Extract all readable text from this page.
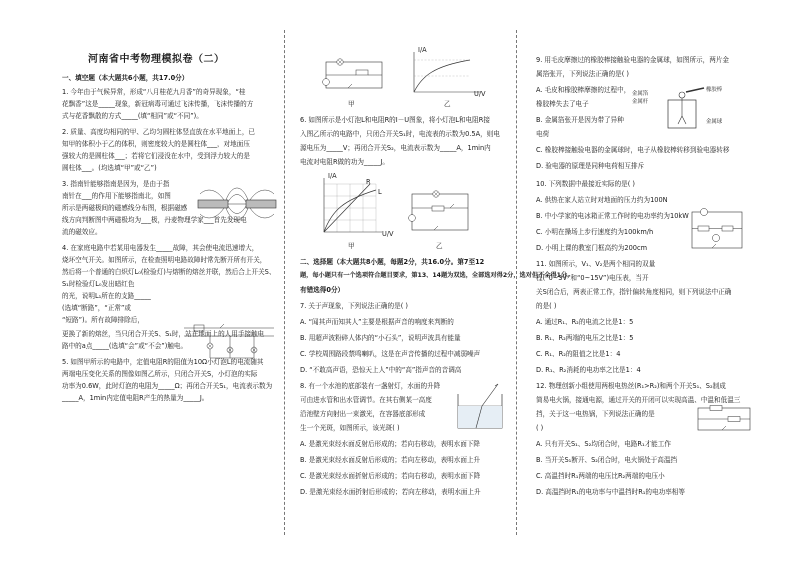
河南省中考物理模拟卷（二）
一、填空题（本大题共6小题，共17.0分）
1. 今年由于气候异常，形成“八月桂花九月香”的奇异现象，“桂
花飘香”这是_____现象，新冠病毒可通过飞沫传播，飞沫传播的方
式与花香飘散的方式_____(填“相同”或“不同”)。
2. 质量、高度均相同的甲、乙均匀圆柱体竖直放在水平地面上，已
知甲的体积小于乙的体积，则密度较大的是圆柱体___，对地面压
强较大的是圆柱体___；若将它们浸没在水中，受到浮力较大的是
圆柱体___。(均选填“甲”或“乙”)
3. 指南针能够指南是因为，是由于指
南针在___的作用下能够指南北，如图
所示是两磁极间的磁感线分布图，根据磁感
线方向判断图中两磁极均为___极，丹麦物理学家___首先发现电
流的磁效应。
4. 在家庭电路中若某用电器发生_____故障，其会使电流迅速增大，
烧坏空气开关。如图所示，在检查照明电路故障时常先断开所有开关，
然后将一个普通的白炽灯L₀(检验灯)与熔断的熔丝并联，然后合上开关S、
S₁时检验灯L₀发出暗红色
的光，说明L₁所在的支路_____
(选填“断路”，“正常”或
“短路”)。所有故障排除后，
更换了新的熔丝，当只闭合开关S、S₁时，站在地面上的人用手接触电
路中的a点_____(选填“会”或“不会”)触电。
5. 如图甲所示的电路中，定值电阻R的阻值为10Ω小灯泡L的电流随其
两端电压变化关系的图像如图乙所示，只闭合开关S，小灯泡的实际
功率为0.6W，此时灯泡的电阻为_____Ω；再闭合开关S₁，电流表示数为
_____A，1min内定值电阻R产生的热量为_____J。
甲
I/A
U/V
乙
6. 如图所示是小灯泡L和电阻R的I－U图象，将小灯泡L和电阻R接
入图乙所示的电路中，只闭合开关S₁时，电流表的示数为0.5A，则电
源电压为_____V；再闭合开关S₂，电流表示数为_____A，1min内
电流对电阻R做的功为_____J。
I/A
U/V
L
R
甲	乙
二、选择题（本大题共8小题，每题2分，共16.0分。第7至12
题，每小题只有一个选项符合题目要求，第13、14题为双选，全部选对得2分，选对但不全得1分，
有错选得0分）
7. 关于声现象，下列说法正确的是( )
A. “闻其声而知其人”主要是根据声音的响度来判断的
B. 用超声波粉碎人体内的“小石头”，说明声波具有能量
C. 学校周围路段禁鸣喇叭，这是在声音传播的过程中减弱噪声
D. “不敢高声语，恐惊天上人”中的“高”指声音的音调高
8. 有一个水池的底部装有一盏射灯，水面的升降
可由进水管和出水管调节。在其右侧某一高度
沿池壁方向射出一束激光，在容器底部形成
生一个光斑，如图所示，该光斑( )
A. 是激光束经水面反射后形成的；若向右移动，表明水面下降
B. 是激光束经水面反射后形成的；若向左移动，表明水面上升
C. 是激光束经水面折射后形成的；若向右移动，表明水面下降
D. 是激光束经水面折射后形成的；若向左移动，表明水面上升
9. 用毛皮摩擦过的橡胶棒接触验电器的金属球，如图所示，两片金
属箔张开，下列说法正确的是( )
A. 毛皮和橡胶棒摩擦的过程中，
橡胶棒失去了电子
B. 金属箔张开是因为带了异种
电荷
C. 橡胶棒接触验电器的金属球时，电子从橡胶棒转移到验电器转移
D. 验电器的原理是同种电荷相互排斥
金属箔
金属杆
橡胶棒
金属球
10. 下列数据中最接近实际的是( )
A. 供热在家人站立时对地面的压力约为100N
B. 中小学家的电冰箱正常工作时的电功率约为10kW
C. 小明在操场上步行速度约为100km/h
D. 小明上课的教室门框高约为200cm
11. 如图所示，V₁、V₂是两个相同的双量
程(“0~3V”和“0~15V”)电压表，当开
关S闭合后，两表正常工作，指针偏转角度相同，则下列说法中正确
的是( )
A. 通过R₁、R₂的电流之比是1：5
B. R₁、R₂两端的电压之比是1：5
C. R₁、R₂的阻值之比是1：4
D. R₁、R₂消耗的电功率之比是1：4
12. 物理创新小组使用两根电热丝(R₁>R₂)和两个开关S₁、S₂制成
简易电火锅，接通电源，通过开关的开闭可以实现高温、中温和低温三
挡，关于这一电热锅，下列说法正确的是
( )
A. 只有开关S₁、S₂均闭合时，电路R₁才能工作
B. 当开关S₁断开、S₂闭合时，电火锅处于高温挡
C. 高温挡时R₁两端的电压比R₂两端的电压小
D. 高温挡时R₁的电功率与中温挡时R₁的电功率相等
